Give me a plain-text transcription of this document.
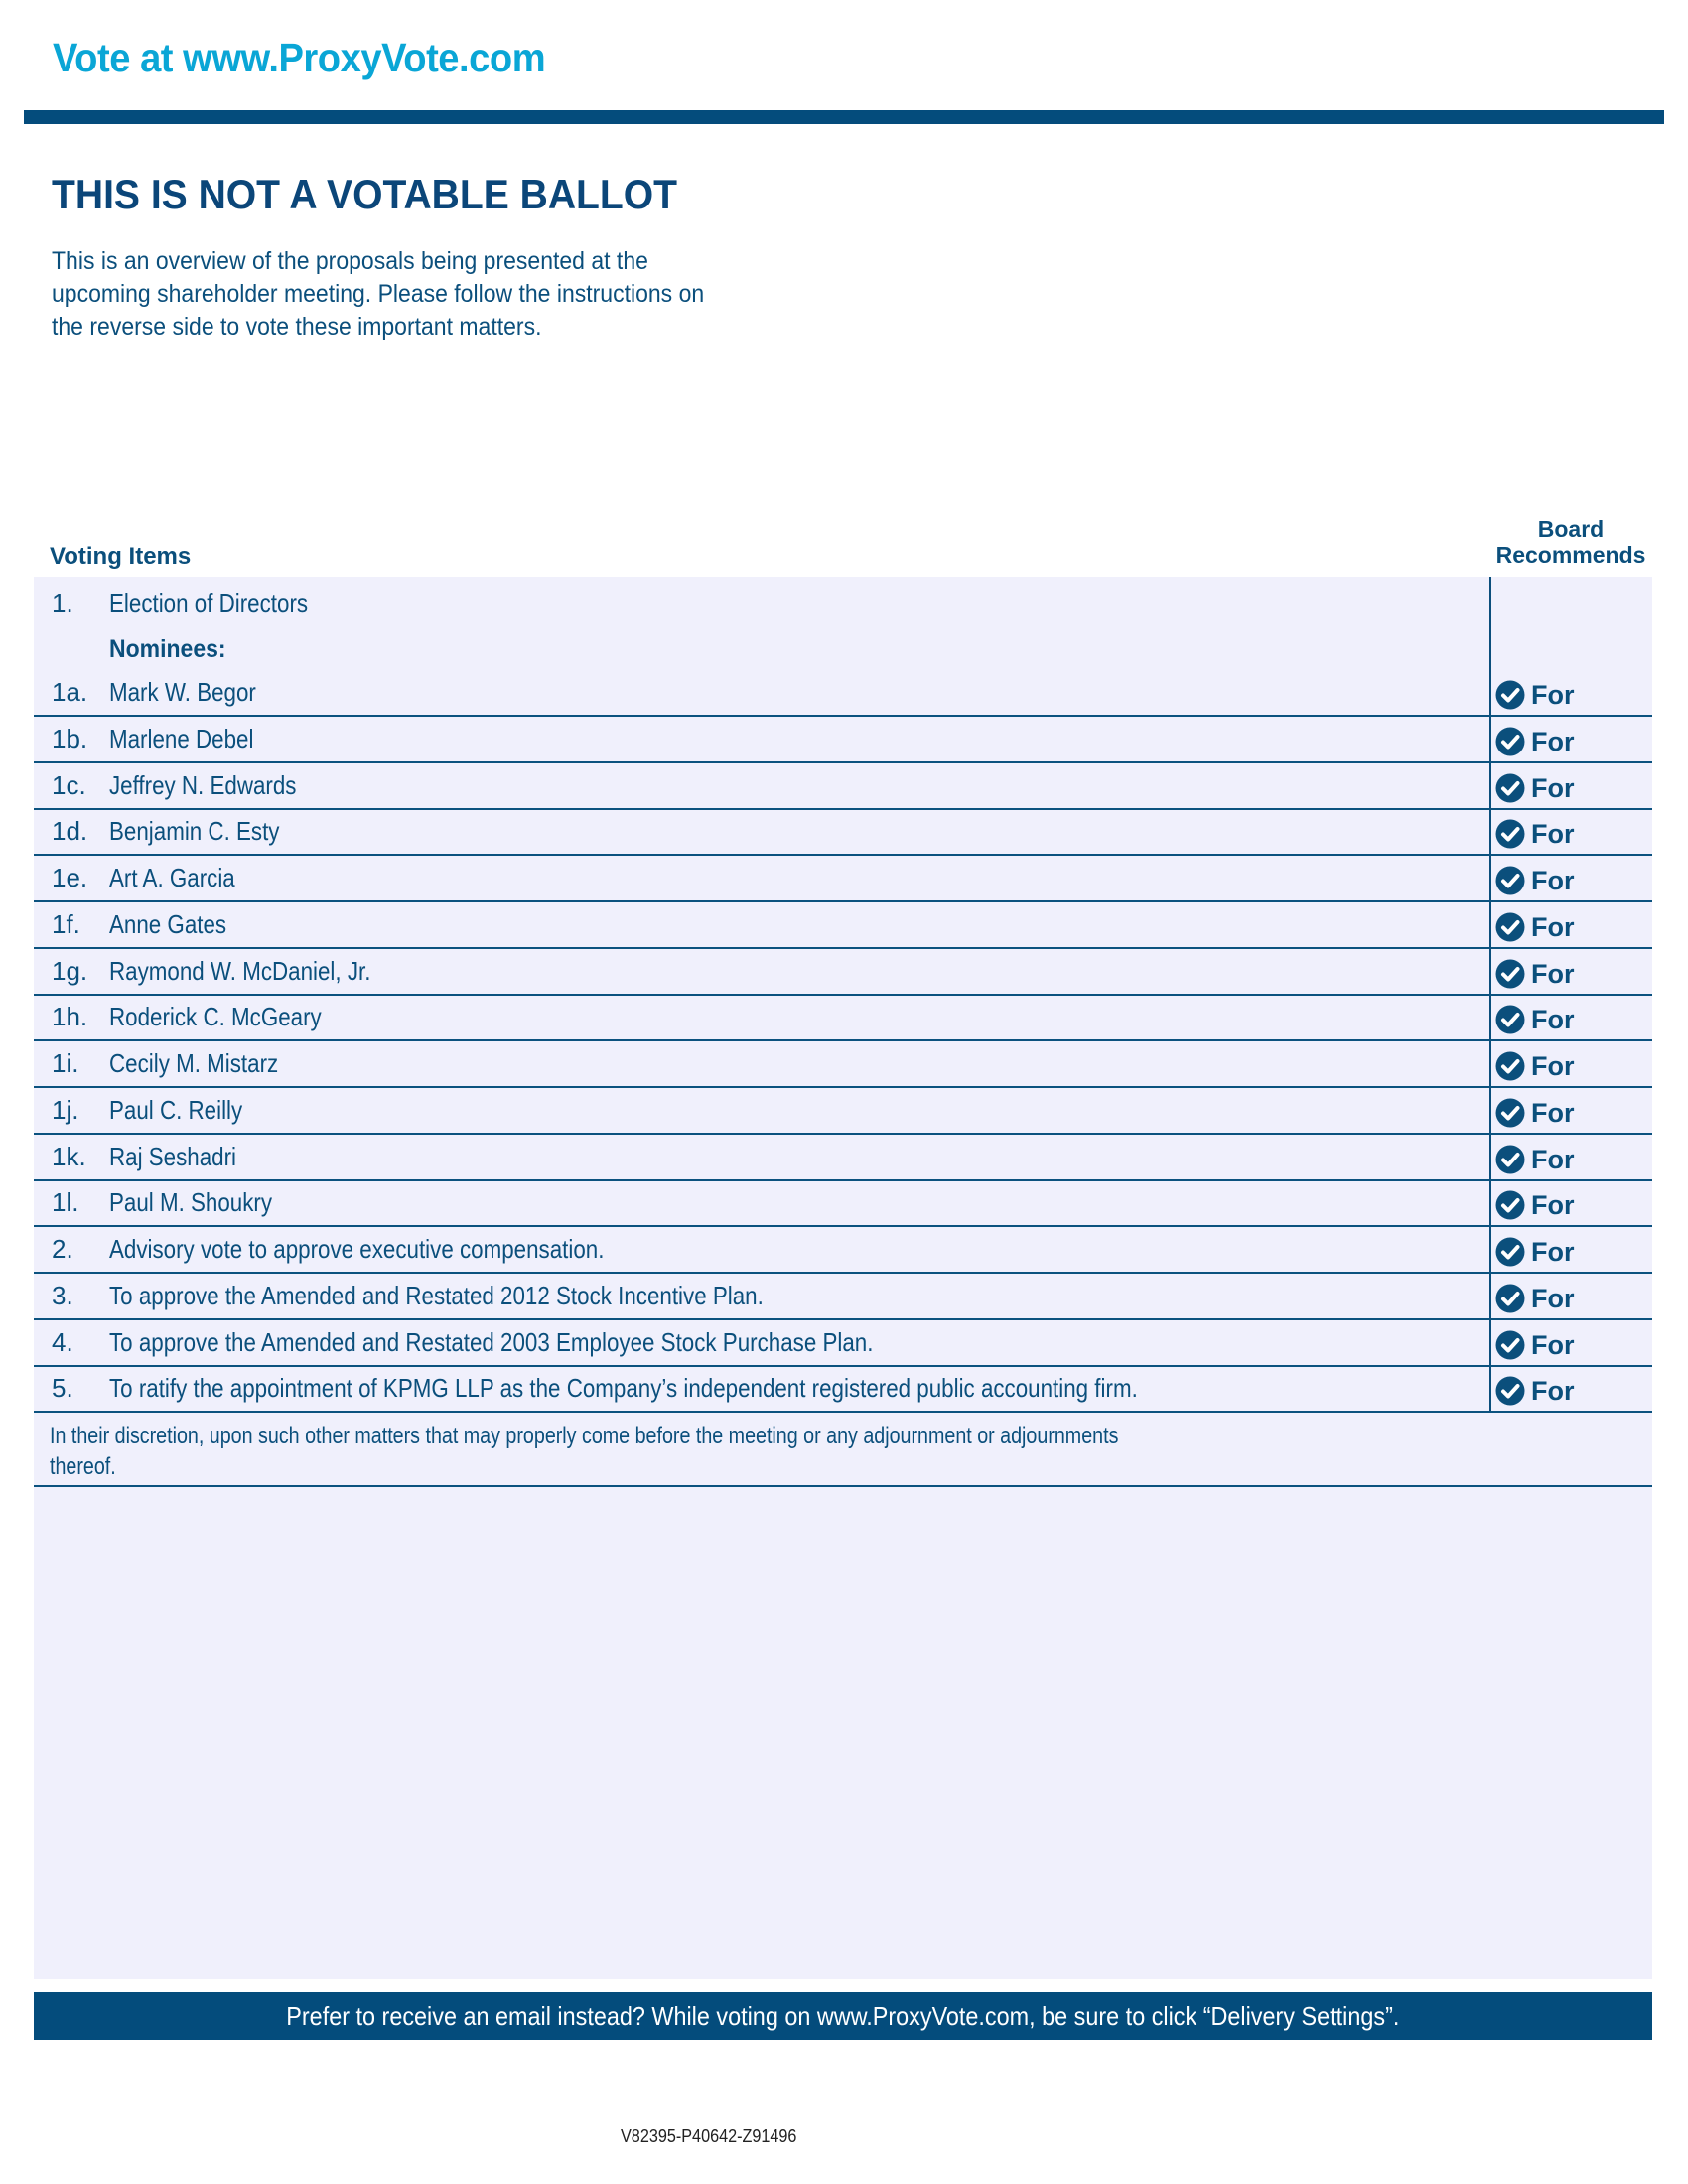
Vote at www.ProxyVote.com
THIS IS NOT A VOTABLE BALLOT
This is an overview of the proposals being presented at the
upcoming shareholder meeting. Please follow the instructions on
the reverse side to vote these important matters.
Voting Items
Board
Recommends
1. Election of Directors
Nominees:
1a. Mark W. Begor	For
1b. Marlene Debel	For
1c. Jeffrey N. Edwards	For
1d. Benjamin C. Esty	For
1e. Art A. Garcia	For
1f. Anne Gates	For
1g. Raymond W. McDaniel, Jr.	For
1h. Roderick C. McGeary	For
1i. Cecily M. Mistarz	For
1j. Paul C. Reilly	For
1k. Raj Seshadri	For
1l. Paul M. Shoukry	For
2. Advisory vote to approve executive compensation.	For
3. To approve the Amended and Restated 2012 Stock Incentive Plan.	For
4. To approve the Amended and Restated 2003 Employee Stock Purchase Plan.	For
5. To ratify the appointment of KPMG LLP as the Company’s independent registered public accounting firm.	For
In their discretion, upon such other matters that may properly come before the meeting or any adjournment or adjournments
thereof.
Prefer to receive an email instead? While voting on www.ProxyVote.com, be sure to click “Delivery Settings”.
V82395-P40642-Z91496
